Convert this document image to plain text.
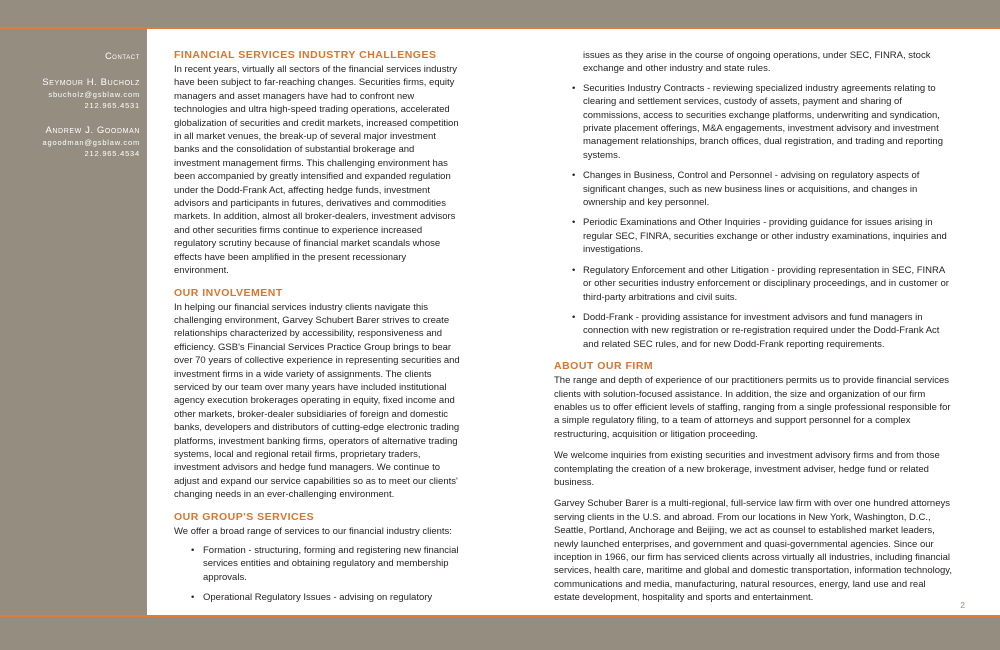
Contact
Seymour H. Bucholz
sbucholz@gsblaw.com
212.965.4531
Andrew J. Goodman
agoodman@gsblaw.com
212.965.4534
FINANCIAL SERVICES INDUSTRY CHALLENGES

In recent years, virtually all sectors of the financial services industry have been subject to far-reaching changes. Securities firms, equity managers and asset managers have had to confront new technologies and ultra high-speed trading operations, accelerated globalization of securities and credit markets, increased competition in all market venues, the break-up of several major investment banks and the consolidation of substantial brokerage and investment management firms. This challenging environment has been accompanied by greatly intensified and expanded regulation under the Dodd-Frank Act, affecting hedge funds, investment advisors and participants in futures, derivatives and commodities markets. In addition, almost all broker-dealers, investment advisors and other securities firms continue to experience increased regulatory scrutiny because of financial market scandals whose effects have been amplified in the present recessionary environment.

OUR INVOLVEMENT

In helping our financial services industry clients navigate this challenging environment, Garvey Schubert Barer strives to create relationships characterized by accessibility, responsiveness and efficiency. GSB's Financial Services Practice Group brings to bear over 70 years of collective experience in representing securities and investment firms in a wide variety of assignments. The clients serviced by our team over many years have included institutional agency execution brokerages operating in equity, fixed income and other markets, broker-dealer subsidiaries of foreign and domestic banks, developers and distributors of cutting-edge electronic trading platforms, investment banking firms, operators of alternative trading systems, local and regional retail firms, proprietary traders, investment advisors and hedge fund managers. We continue to adjust and expand our service capabilities so as to meet our clients' changing needs in an ever-challenging environment.

OUR GROUP'S SERVICES

We offer a broad range of services to our financial industry clients:

• Formation - structuring, forming and registering new financial services entities and obtaining regulatory and membership approvals.
• Operational Regulatory Issues - advising on regulatory

issues as they arise in the course of ongoing operations, under SEC, FINRA, stock exchange and other industry and state rules.

• Securities Industry Contracts - reviewing specialized industry agreements relating to clearing and settlement services, custody of assets, payment and sharing of commissions, access to securities exchange platforms, underwriting and syndication, private placement offerings, M&A engagements, investment advisory and investment management relationships, branch offices, dual registration, and trading and reporting systems.
• Changes in Business, Control and Personnel - advising on regulatory aspects of significant changes, such as new business lines or acquisitions, and changes in ownership and key personnel.
• Periodic Examinations and Other Inquiries - providing guidance for issues arising in regular SEC, FINRA, securities exchange or other industry examinations, inquiries and investigations.
• Regulatory Enforcement and other Litigation - providing representation in SEC, FINRA or other securities industry enforcement or disciplinary proceedings, and in customer or third-party arbitrations and civil suits.
• Dodd-Frank - providing assistance for investment advisors and fund managers in connection with new registration or re-registration required under the Dodd-Frank Act and related SEC rules, and for new Dodd-Frank reporting requirements.
ABOUT OUR FIRM

The range and depth of experience of our practitioners permits us to provide financial services clients with solution-focused assistance. In addition, the size and organization of our firm enables us to offer efficient levels of staffing, ranging from a single professional responsible for a simple regulatory filing, to a team of attorneys and support personnel for a complex restructuring, acquisition or litigation proceeding.

We welcome inquiries from existing securities and investment advisory firms and from those contemplating the creation of a new brokerage, investment adviser, hedge fund or related business.

Garvey Schuber Barer is a multi-regional, full-service law firm with over one hundred attorneys serving clients in the U.S. and abroad. From our locations in New York, Washington, D.C., Seattle, Portland, Anchorage and Beijing, we act as counsel to established market leaders, newly launched enterprises, and government and quasi-governmental agencies. Since our inception in 1966, our firm has serviced clients across virtually all industries, including financial services, health care, maritime and global and domestic transportation, information technology, communications and media, manufacturing, natural resources, energy, land use and real estate development, hospitality and sports and entertainment.

2
